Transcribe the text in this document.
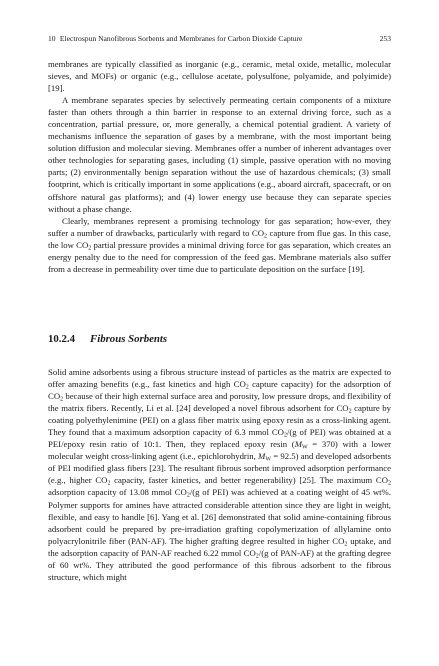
10 Electrospun Nanofibrous Sorbents and Membranes for Carbon Dioxide Capture	253

membranes are typically classified as inorganic (e.g., ceramic, metal oxide, metallic, molecular sieves, and MOFs) or organic (e.g., cellulose acetate, polysulfone, polyamide, and polyimide) [19].

A membrane separates species by selectively permeating certain components of a mixture faster than others through a thin barrier in response to an external driving force, such as a concentration, partial pressure, or, more generally, a chemical potential gradient. A variety of mechanisms influence the separation of gases by a membrane, with the most important being solution diffusion and molecular sieving. Membranes offer a number of inherent advantages over other technologies for separating gases, including (1) simple, passive operation with no moving parts; (2) environmentally benign separation without the use of hazardous chemicals; (3) small footprint, which is critically important in some applications (e.g., aboard aircraft, spacecraft, or on offshore natural gas platforms); and (4) lower energy use because they can separate species without a phase change.

Clearly, membranes represent a promising technology for gas separation; how-ever, they suffer a number of drawbacks, particularly with regard to $CO_2$ capture from flue gas. In this case, the low $CO_2$ partial pressure provides a minimal driving force for gas separation, which creates an energy penalty due to the need for compression of the feed gas. Membrane materials also suffer from a decrease in permeability over time due to particulate deposition on the surface [19].

10.2.4 Fibrous Sorbents

Solid amine adsorbents using a fibrous structure instead of particles as the matrix are expected to offer amazing benefits (e.g., fast kinetics and high $CO_2$ capture capacity) for the adsorption of $CO_2$ because of their high external surface area and porosity, low pressure drops, and flexibility of the matrix fibers. Recently, Li et al. [24] developed a novel fibrous adsorbent for $CO_2$ capture by coating polyethylenimine (PEI) on a glass fiber matrix using epoxy resin as a cross-linking agent. They found that a maximum adsorption capacity of 6.3 mmol $CO_2/(g$ of PEI) was obtained at a PEI/epoxy resin ratio of 10:1. Then, they replaced epoxy resin $(M_W = 370)$ with a lower molecular weight cross-linking agent (i.e., epichlorohydrin, $M_W = 92.5$) and developed adsorbents of PEI modified glass fibers [23]. The resultant fibrous sorbent improved adsorption performance (e.g., higher $CO_2$ capacity, faster kinetics, and better regenerability) [25]. The maximum $CO_2$ adsorption capacity of 13.08 mmol $CO_2/(g$ of PEI) was achieved at a coating weight of 45 wt%. Polymer supports for amines have attracted considerable attention since they are light in weight, flexible, and easy to handle [6]. Yang et al. [26] demonstrated that solid amine-containing fibrous adsorbent could be prepared by pre-irradiation grafting copolymerization of allylamine onto polyacrylonitrile fiber (PAN-AF). The higher grafting degree resulted in higher $CO_2$ uptake, and the adsorption capacity of PAN-AF reached 6.22 mmol $CO_2/(g$ of PAN-AF) at the grafting degree of 60 wt%. They attributed the good performance of this fibrous adsorbent to the fibrous structure, which might
